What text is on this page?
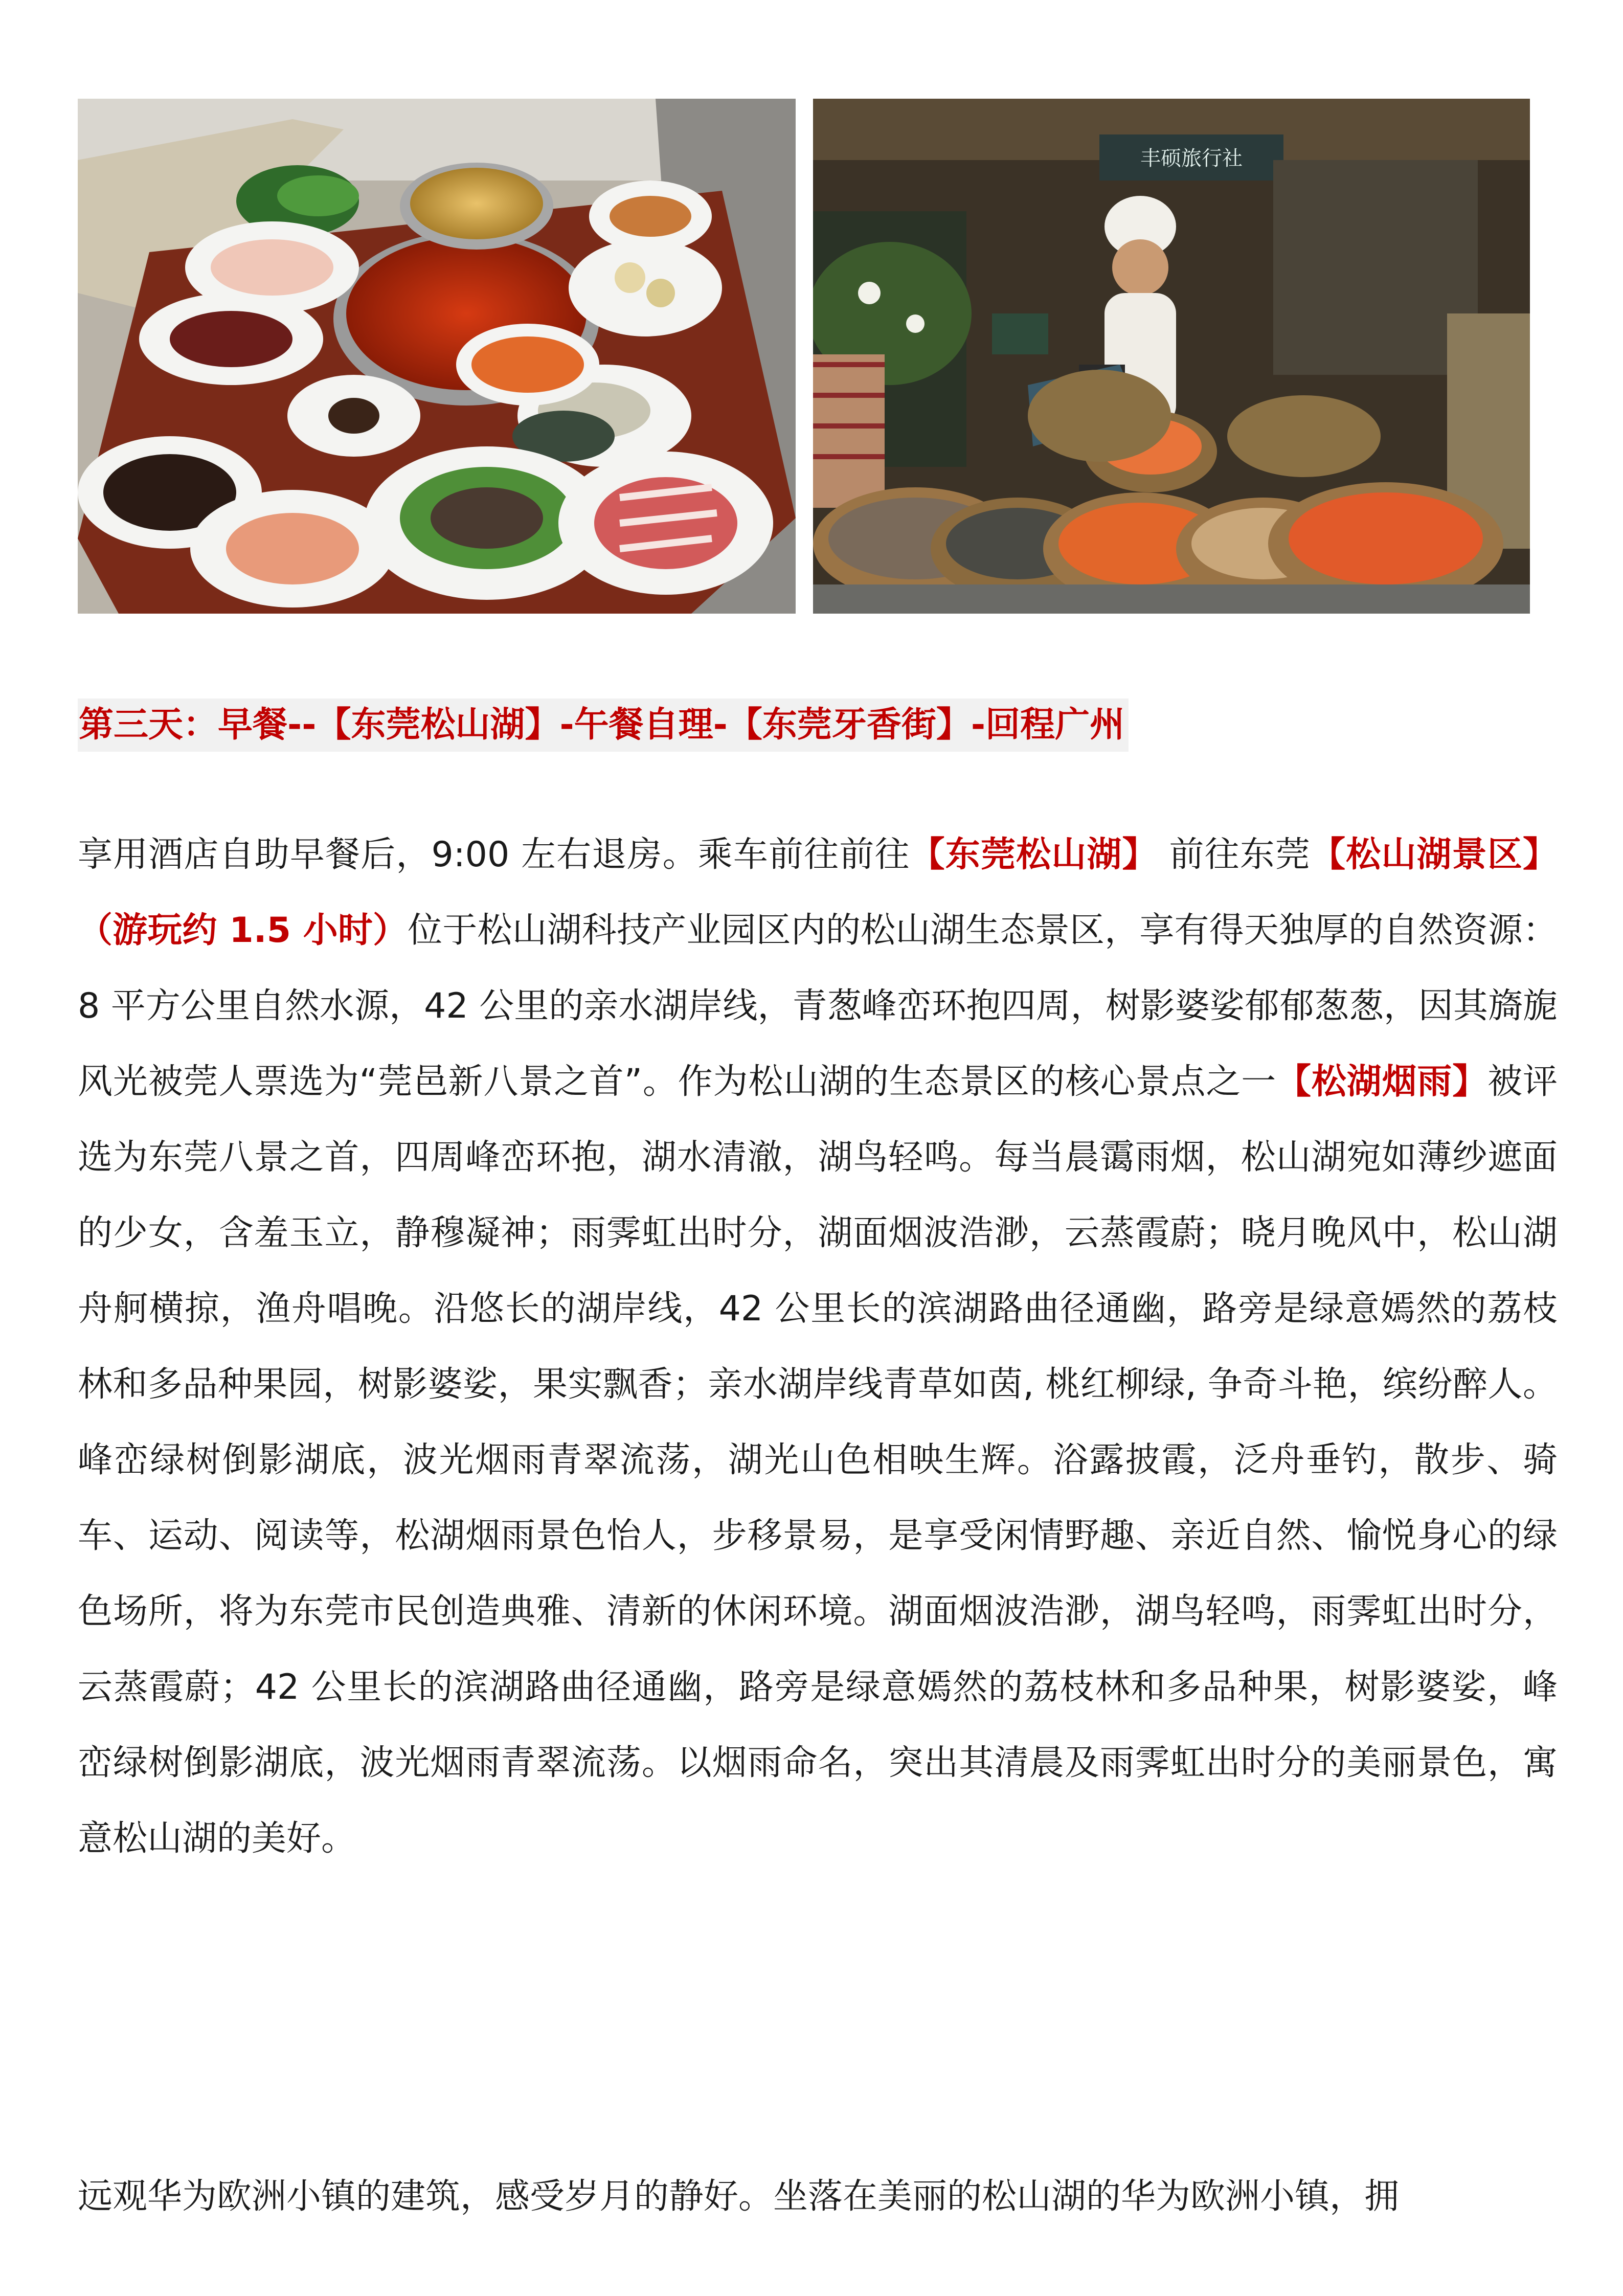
丰硕旅行社
第三天：早餐--【东莞松山湖】-午餐自理-【东莞牙香街】-回程广州

享用酒店自助早餐后，9:00 左右退房。乘车前往前往【东莞松山湖】 前往东莞【松山湖景区】（游玩约 1.5 小时）位于松山湖科技产业园区内的松山湖生态景区，享有得天独厚的自然资源：8 平方公里自然水源，42 公里的亲水湖岸线，青葱峰峦环抱四周，树影婆娑郁郁葱葱，因其旖旎风光被莞人票选为“莞邑新八景之首”。作为松山湖的生态景区的核心景点之一【松湖烟雨】被评选为东莞八景之首，四周峰峦环抱，湖水清澈，湖鸟轻鸣。每当晨霭雨烟，松山湖宛如薄纱遮面的少女，含羞玉立，静穆凝神；雨霁虹出时分，湖面烟波浩渺，云蒸霞蔚；晓月晚风中，松山湖舟舸横掠，渔舟唱晚。沿悠长的湖岸线，42 公里长的滨湖路曲径通幽，路旁是绿意嫣然的荔枝林和多品种果园，树影婆娑，果实飘香；亲水湖岸线青草如茵, 桃红柳绿, 争奇斗艳，缤纷醉人。峰峦绿树倒影湖底，波光烟雨青翠流荡，湖光山色相映生辉。浴露披霞，泛舟垂钓，散步、骑车、运动、阅读等，松湖烟雨景色怡人，步移景易，是享受闲情野趣、亲近自然、愉悦身心的绿色场所，将为东莞市民创造典雅、清新的休闲环境。湖面烟波浩渺，湖鸟轻鸣，雨霁虹出时分，云蒸霞蔚；42 公里长的滨湖路曲径通幽，路旁是绿意嫣然的荔枝林和多品种果，树影婆娑，峰峦绿树倒影湖底，波光烟雨青翠流荡。以烟雨命名，突出其清晨及雨霁虹出时分的美丽景色，寓意松山湖的美好。

远观华为欧洲小镇的建筑，感受岁月的静好。坐落在美丽的松山湖的华为欧洲小镇，拥
